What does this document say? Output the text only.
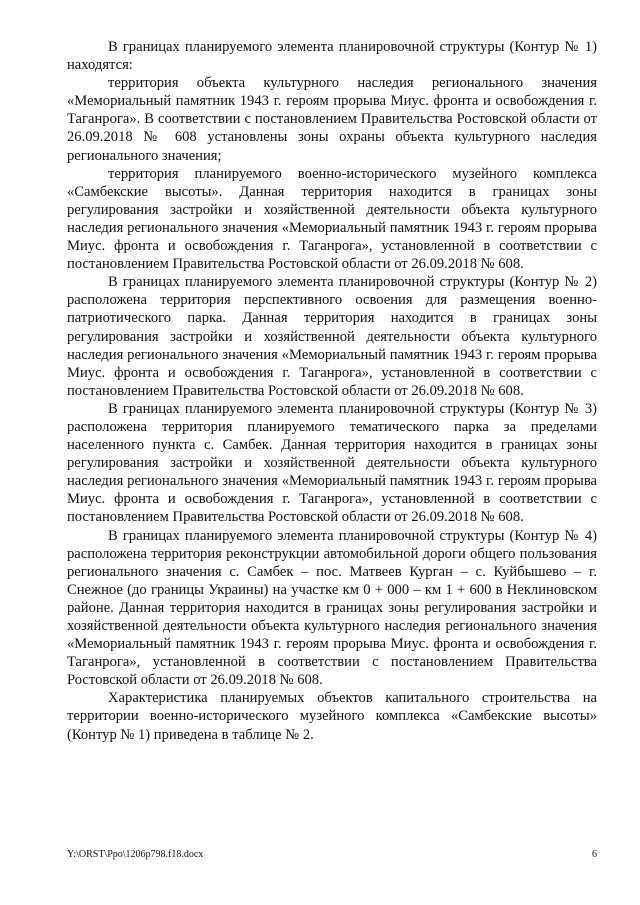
В границах планируемого элемента планировочной структуры (Контур № 1) находятся:

территория объекта культурного наследия регионального значения «Мемориальный памятник 1943 г. героям прорыва Миус. фронта и освобождения г. Таганрога». В соответствии с постановлением Правительства Ростовской области от 26.09.2018 № 608 установлены зоны охраны объекта культурного наследия регионального значения;

территория планируемого военно-исторического музейного комплекса «Самбекские высоты». Данная территория находится в границах зоны регулирования застройки и хозяйственной деятельности объекта культурного наследия регионального значения «Мемориальный памятник 1943 г. героям прорыва Миус. фронта и освобождения г. Таганрога», установленной в соответствии с постановлением Правительства Ростовской области от 26.09.2018 № 608.

В границах планируемого элемента планировочной структуры (Контур № 2) расположена территория перспективного освоения для размещения военно-патриотического парка. Данная территория находится в границах зоны регулирования застройки и хозяйственной деятельности объекта культурного наследия регионального значения «Мемориальный памятник 1943 г. героям прорыва Миус. фронта и освобождения г. Таганрога», установленной в соответствии с постановлением Правительства Ростовской области от 26.09.2018 № 608.

В границах планируемого элемента планировочной структуры (Контур № 3) расположена территория планируемого тематического парка за пределами населенного пункта с. Самбек. Данная территория находится в границах зоны регулирования застройки и хозяйственной деятельности объекта культурного наследия регионального значения «Мемориальный памятник 1943 г. героям прорыва Миус. фронта и освобождения г. Таганрога», установленной в соответствии с постановлением Правительства Ростовской области от 26.09.2018 № 608.

В границах планируемого элемента планировочной структуры (Контур № 4) расположена территория реконструкции автомобильной дороги общего пользования регионального значения с. Самбек – пос. Матвеев Курган – с. Куйбышево – г. Снежное (до границы Украины) на участке км 0 + 000 – км 1 + 600 в Неклиновском районе. Данная территория находится в границах зоны регулирования застройки и хозяйственной деятельности объекта культурного наследия регионального значения «Мемориальный памятник 1943 г. героям прорыва Миус. фронта и освобождения г. Таганрога», установленной в соответствии с постановлением Правительства Ростовской области от 26.09.2018 № 608.

Характеристика планируемых объектов капитального строительства на территории военно-исторического музейного комплекса «Самбекские высоты» (Контур № 1) приведена в таблице № 2.

Y:\ORST\Ppo\1206p798.f18.docx	6
